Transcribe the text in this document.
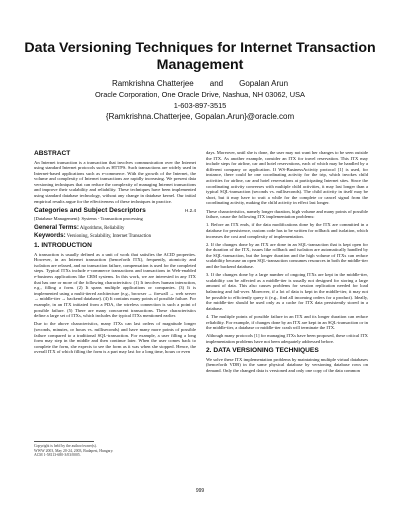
Data Versioning Techniques for Internet Transaction Management
Ramkrishna Chatterjee and Gopalan Arun
Oracle Corporation, One Oracle Drive, Nashua, NH 03062, USA
1-603-897-3515
{Ramkrishna.Chatterjee, Gopalan.Arun}@oracle.com
ABSTRACT

An Internet transaction is a transaction that involves communication over the Internet using standard Internet protocols such as HTTPS. Such transactions are widely used in Internet-based applications such as e-commerce. With the growth of the Internet, the volume and complexity of Internet transactions are rapidly increasing. We present data versioning techniques that can reduce the complexity of managing Internet transactions and improve their scalability and reliability. These techniques have been implemented using standard database technology, without any change in database kernel. Our initial empirical results argue for the effectiveness of these techniques in practice.

Categories and Subject Descriptors	H.2.4

[Database Management]: Systems - Transaction processing

General Terms: Algorithms, Reliability
Keywords: Versioning, Scalability, Internet Transaction
1. INTRODUCTION

A transaction is usually defined as a unit of work that satisfies the ACID properties. However, in an Internet transaction (henceforth ITX), frequently, atomicity and isolation are relaxed, and no transaction failure, compensation is used for the completed steps. Typical ITXs include e-commerce transactions and transactions in Web-enabled e-business applications like CRM systems. In this work, we are interested in any ITX that has one or more of the following characteristics: (1) It involves human interaction, e.g., filling a form. (2) It spans multiple applications or companies. (3) It is implemented using a multi-tiered architecture (e.g., browser → firewall → web server → middle-tier → backend database). (4) It contains many points of possible failure. For example, in an ITX initiated from a PDA, the wireless connection is such a point of possible failure. (5) There are many concurrent transactions. These characteristics define a large set of ITXs, which includes the typical ITXs mentioned earlier.

Due to the above characteristics, many ITXs can last orders of magnitude longer (seconds, minutes, or hours vs. milliseconds) and have many more points of possible failure compared to a traditional SQL-transaction. For example, a user filling a long form may step in the middle and then continue later. When the user comes back to complete the form, she expects to see the form as it was when she stopped. Hence, the overall ITX of which filling the form is a part may last for a long time, hours or even

Copyright is held by the author/owner(s).
WWW 2003, May 20-24, 2003, Budapest, Hungary.
ACM 1-58113-680-3/03/0005.

days. Moreover, until she is done, the user may not want her changes to be seen outside the ITX. As another example, consider an ITX for travel reservation. This ITX may include steps for airline, car and hotel reservations, each of which may be handled by a different company or application. If WS-BusinessActivity protocol [1] is used, for instance, there could be one coordinating activity for the trip, which invokes child activities for airline, car and hotel reservations at participating Internet sites. Since the coordinating activity converses with multiple child activities, it may last longer than a typical SQL-transaction (seconds vs. milliseconds). The child activity in itself may be short, but it may have to wait a while for the complete or cancel signal from the coordinating activity, making the child activity in effect last longer.

These characteristics, namely longer duration, high volume and many points of possible failure, cause the following ITX implementation problems:

1. Before an ITX ends, if the data modifications done by the ITX are committed in a database for persistence, custom code has to be written for rollback and isolation, which increases the cost and complexity of implementation.

2. If the changes done by an ITX are done in an SQL-transaction that is kept open for the duration of the ITX, issues like rollback and isolation are automatically handled by the SQL-transaction, but the longer duration and the high volume of ITXs can reduce scalability because an open SQL-transaction consumes resources in both the middle-tier and the backend database.

3. If the changes done by a large number of ongoing ITXs are kept in the middle-tier, scalability can be affected as a middle-tier is usually not designed for storing a large amount of data. This also causes problems for session replication needed for load balancing and fail-over. Moreover, if a lot of data is kept in the middle-tier, it may not be possible to efficiently query it (e.g., find all incoming orders for a product). Ideally, the middle-tier should be used only as a cache for ITX data persistently stored in a database.

4. The multiple points of possible failure in an ITX and its longer duration can reduce reliability. For example, if changes done by an ITX are kept in an SQL-transaction or in the middle-tier, a database or middle-tier crash will terminate the ITX.

Although many protocols [1] for managing ITXs have been proposed, these critical ITX implementation problems have not been adequately addressed before.

2. DATA VERSIONING TECHNIQUES

We solve these ITX implementation problems by maintaining multiple virtual databases (henceforth VDB) in the same physical database by versioning database rows on demand. Only the changed data is versioned and only one copy of the data common

999
